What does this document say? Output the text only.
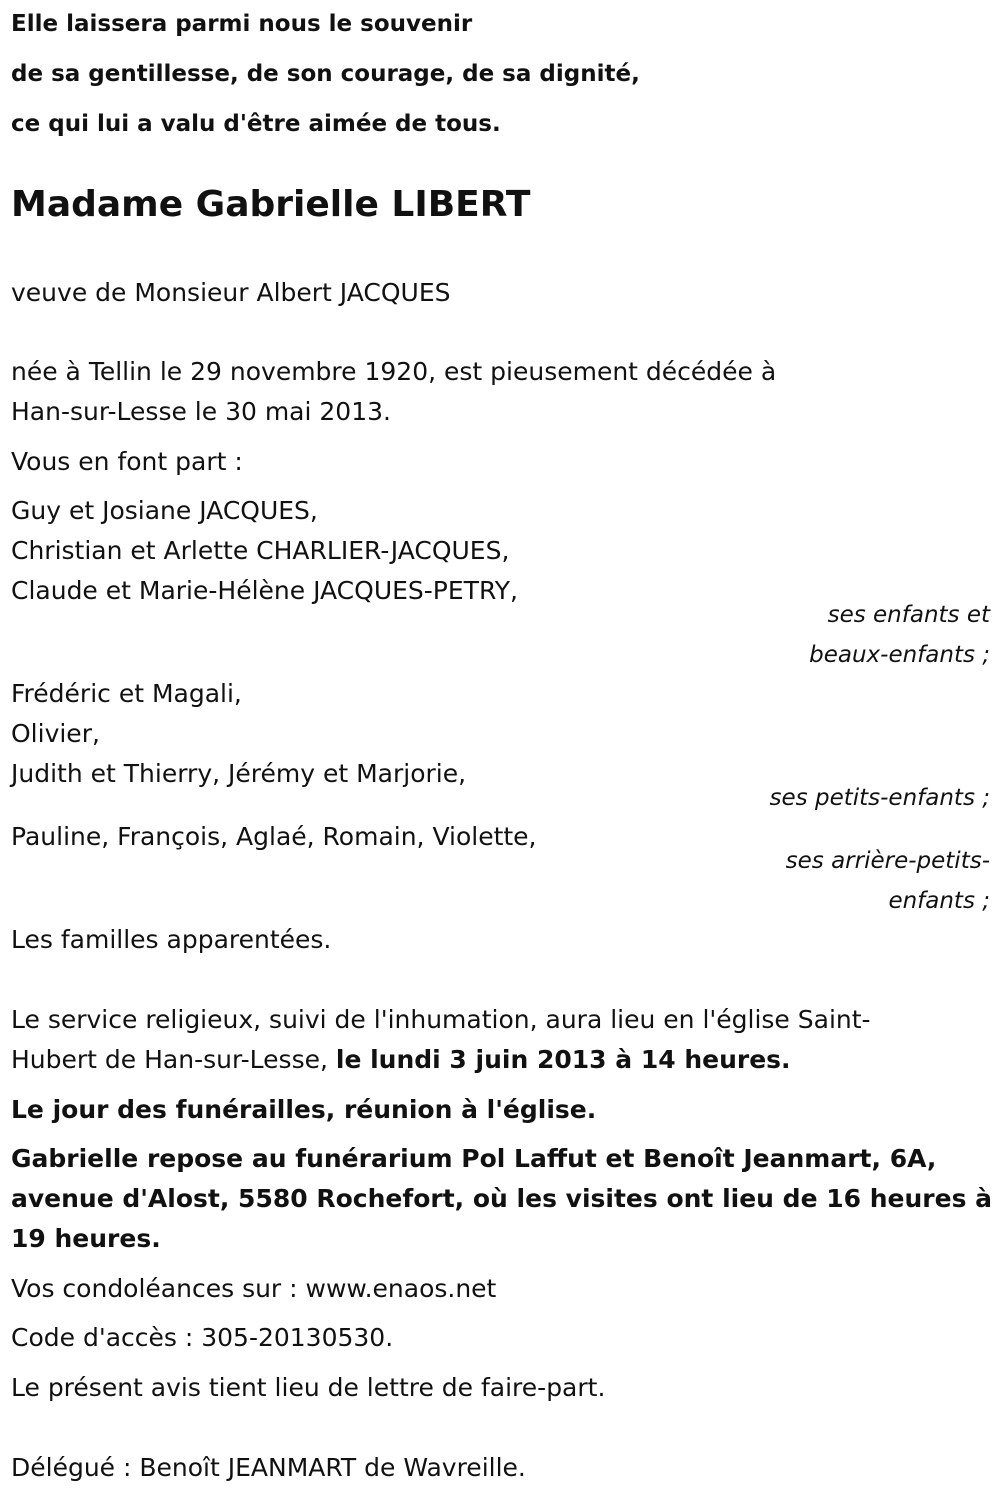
Elle laissera parmi nous le souvenir
de sa gentillesse, de son courage, de sa dignité,
ce qui lui a valu d'être aimée de tous.
Madame Gabrielle LIBERT
veuve de Monsieur Albert JACQUES
née à Tellin le 29 novembre 1920, est pieusement décédée à
Han-sur-Lesse le 30 mai 2013.
Vous en font part :
Guy et Josiane JACQUES,
Christian et Arlette CHARLIER-JACQUES,
Claude et Marie-Hélène JACQUES-PETRY,
ses enfants et
beaux-enfants ;
Frédéric et Magali,
Olivier,
Judith et Thierry, Jérémy et Marjorie,
ses petits-enfants ;
Pauline, François, Aglaé, Romain, Violette,
ses arrière-petits-
enfants ;
Les familles apparentées.
Le service religieux, suivi de l'inhumation, aura lieu en l'église Saint-
Hubert de Han-sur-Lesse, le lundi 3 juin 2013 à 14 heures.
Le jour des funérailles, réunion à l'église.
Gabrielle repose au funérarium Pol Laffut et Benoît Jeanmart, 6A,
avenue d'Alost, 5580 Rochefort, où les visites ont lieu de 16 heures à
19 heures.
Vos condoléances sur : www.enaos.net
Code d'accès : 305-20130530.
Le présent avis tient lieu de lettre de faire-part.
Délégué : Benoît JEANMART de Wavreille.
